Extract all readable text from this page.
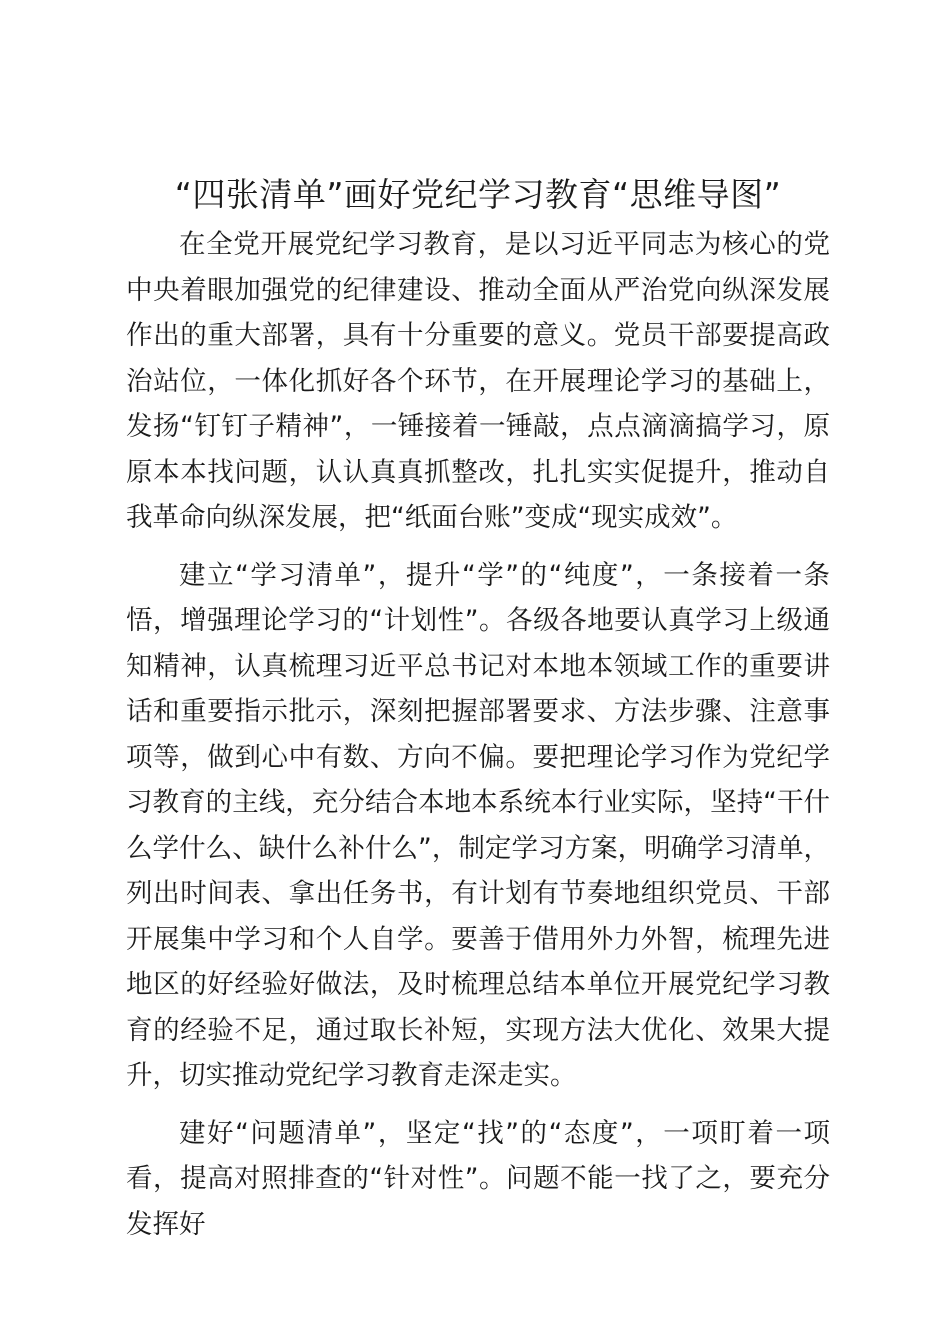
“四张清单”画好党纪学习教育“思维导图”

在全党开展党纪学习教育，是以习近平同志为核心的党中央着眼加强党的纪律建设、推动全面从严治党向纵深发展作出的重大部署，具有十分重要的意义。党员干部要提高政治站位，一体化抓好各个环节，在开展理论学习的基础上，发扬“钉钉子精神”，一锤接着一锤敲，点点滴滴搞学习，原原本本找问题，认认真真抓整改，扎扎实实促提升，推动自我革命向纵深发展，把“纸面台账”变成“现实成效”。

建立“学习清单”，提升“学”的“纯度”，一条接着一条悟，增强理论学习的“计划性”。各级各地要认真学习上级通知精神，认真梳理习近平总书记对本地本领域工作的重要讲话和重要指示批示，深刻把握部署要求、方法步骤、注意事项等，做到心中有数、方向不偏。要把理论学习作为党纪学习教育的主线，充分结合本地本系统本行业实际，坚持“干什么学什么、缺什么补什么”，制定学习方案，明确学习清单，列出时间表、拿出任务书，有计划有节奏地组织党员、干部开展集中学习和个人自学。要善于借用外力外智，梳理先进地区的好经验好做法，及时梳理总结本单位开展党纪学习教育的经验不足，通过取长补短，实现方法大优化、效果大提升，切实推动党纪学习教育走深走实。

建好“问题清单”，坚定“找”的“态度”，一项盯着一项看，提高对照排查的“针对性”。问题不能一找了之，要充分发挥好
